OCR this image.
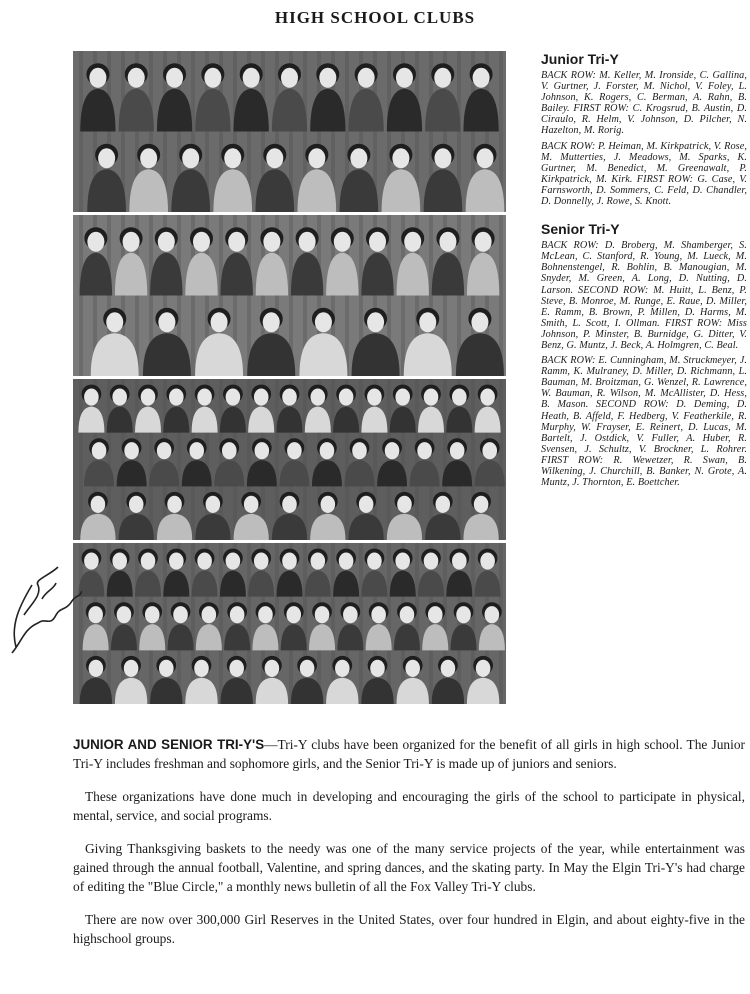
HIGH SCHOOL CLUBS
Junior Tri-Y

BACK ROW: M. Keller, M. Ironside, C. Gallina, V. Gurtner, J. Forster, M. Nichol, V. Foley, L. Johnson, K. Rogers, C. Berman, A. Rahn, B. Bailey. FIRST ROW: C. Krogsrud, B. Austin, D. Ciraulo, R. Helm, V. Johnson, D. Pilcher, N. Hazelton, M. Rorig.

BACK ROW: P. Heiman, M. Kirkpatrick, V. Rose, M. Mutterties, J. Meadows, M. Sparks, K. Gurtner, M. Benedict, M. Greenawalt, P. Kirkpatrick, M. Kirk. FIRST ROW: G. Case, V. Farnsworth, D. Sommers, C. Feld, D. Chandler, D. Donnelly, J. Rowe, S. Knott.

Senior Tri-Y

BACK ROW: D. Broberg, M. Shamberger, S. McLean, C. Stanford, R. Young, M. Lueck, M. Bohnenstengel, R. Bohlin, B. Manougian, M. Snyder, M. Green, A. Long, D. Nutting, D. Larson. SECOND ROW: M. Huitt, L. Benz, P. Steve, B. Monroe, M. Runge, E. Raue, D. Miller, E. Ramm, B. Brown, P. Millen, D. Harms, M. Smith, L. Scott, I. Ollman. FIRST ROW: Miss Johnson, P. Minster, B. Burnidge, G. Ditter, V. Benz, G. Muntz, J. Beck, A. Holmgren, C. Beal.

BACK ROW: E. Cunningham, M. Struckmeyer, J. Ramm, K. Mulraney, D. Miller, D. Richmann, L. Bauman, M. Broitzman, G. Wenzel, R. Lawrence, W. Bauman, R. Wilson, M. McAllister, D. Hess, B. Mason. SECOND ROW: D. Deming, D. Heath, B. Affeld, F. Hedberg, V. Featherkile, R. Murphy, W. Frayser, E. Reinert, D. Lucas, M. Bartelt, J. Ostdick, V. Fuller, A. Huber, R. Svensen, J. Schultz, V. Brockner, L. Rohrer. FIRST ROW: R. Wewetzer, R. Swan, B. Wilkening, J. Churchill, B. Banker, N. Grote, A. Muntz, J. Thornton, E. Boettcher.

JUNIOR AND SENIOR TRI-Y'S—Tri-Y clubs have been organized for the benefit of all girls in high school. The Junior Tri-Y includes freshman and sophomore girls, and the Senior Tri-Y is made up of juniors and seniors.

These organizations have done much in developing and encouraging the girls of the school to participate in physical, mental, service, and social programs.

Giving Thanksgiving baskets to the needy was one of the many service projects of the year, while entertainment was gained through the annual football, Valentine, and spring dances, and the skating party. In May the Elgin Tri-Y's had charge of editing the "Blue Circle," a monthly news bulletin of all the Fox Valley Tri-Y clubs.

There are now over 300,000 Girl Reserves in the United States, over four hundred in Elgin, and about eighty-five in the highschool groups.
